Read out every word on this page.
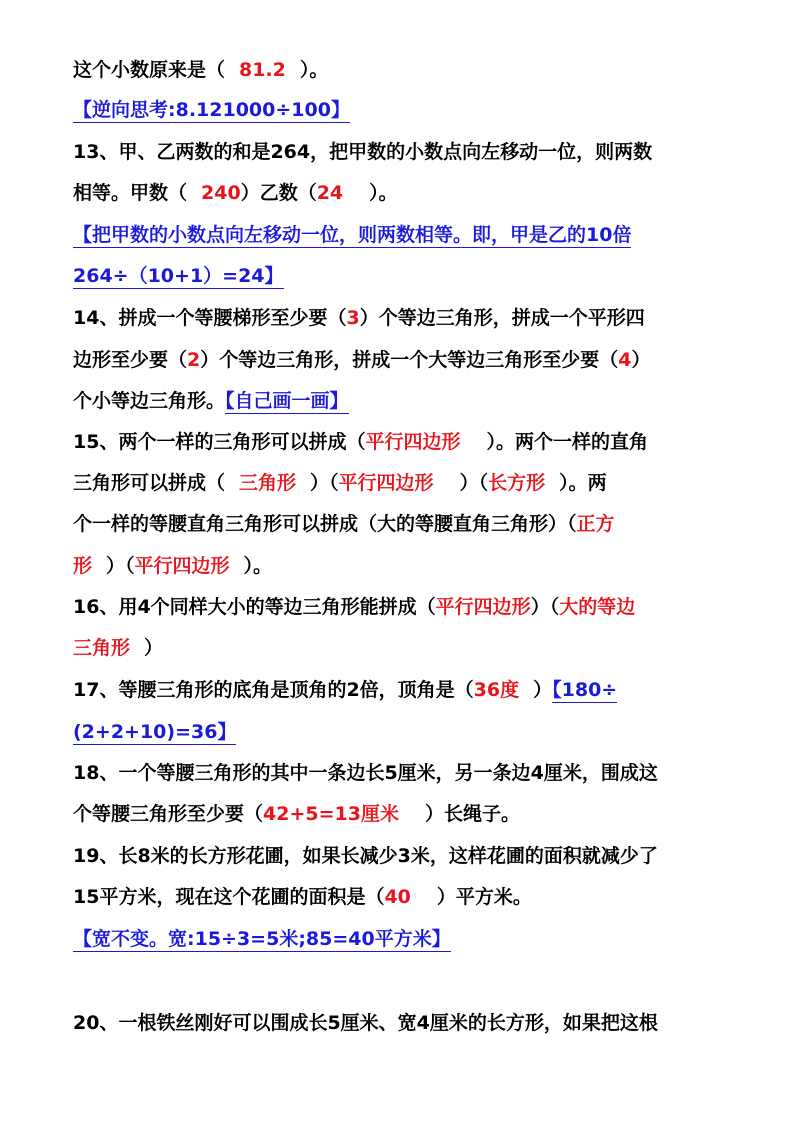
这个小数原来是（ 81.2 ）。
【逆向思考:8.121000÷100】
13、甲、乙两数的和是264，把甲数的小数点向左移动一位，则两数
相等。甲数（ 240）乙数（24 ）。
【把甲数的小数点向左移动一位，则两数相等。即，甲是乙的10倍
264÷（10+1）=24】
14、拼成一个等腰梯形至少要（3）个等边三角形，拼成一个平形四
边形至少要（2）个等边三角形，拼成一个大等边三角形至少要（4）
个小等边三角形。【自己画一画】
15、两个一样的三角形可以拼成（平行四边形 ）。两个一样的直角
三角形可以拼成（ 三角形 ）（平行四边形 ）（长方形 ）。两
个一样的等腰直角三角形可以拼成（大的等腰直角三角形）（正方
形 ）（平行四边形 ）。
16、用4个同样大小的等边三角形能拼成（平行四边形）（大的等边
三角形 ）
17、等腰三角形的底角是顶角的2倍，顶角是（36度 ）【180÷
(2+2+10)=36】
18、一个等腰三角形的其中一条边长5厘米，另一条边4厘米，围成这
个等腰三角形至少要（42+5=13厘米 ）长绳子。
19、长8米的长方形花圃，如果长减少3米，这样花圃的面积就减少了
15平方米，现在这个花圃的面积是（40 ）平方米。
【宽不变。宽:15÷3=5米;85=40平方米】
20、一根铁丝刚好可以围成长5厘米、宽4厘米的长方形，如果把这根
